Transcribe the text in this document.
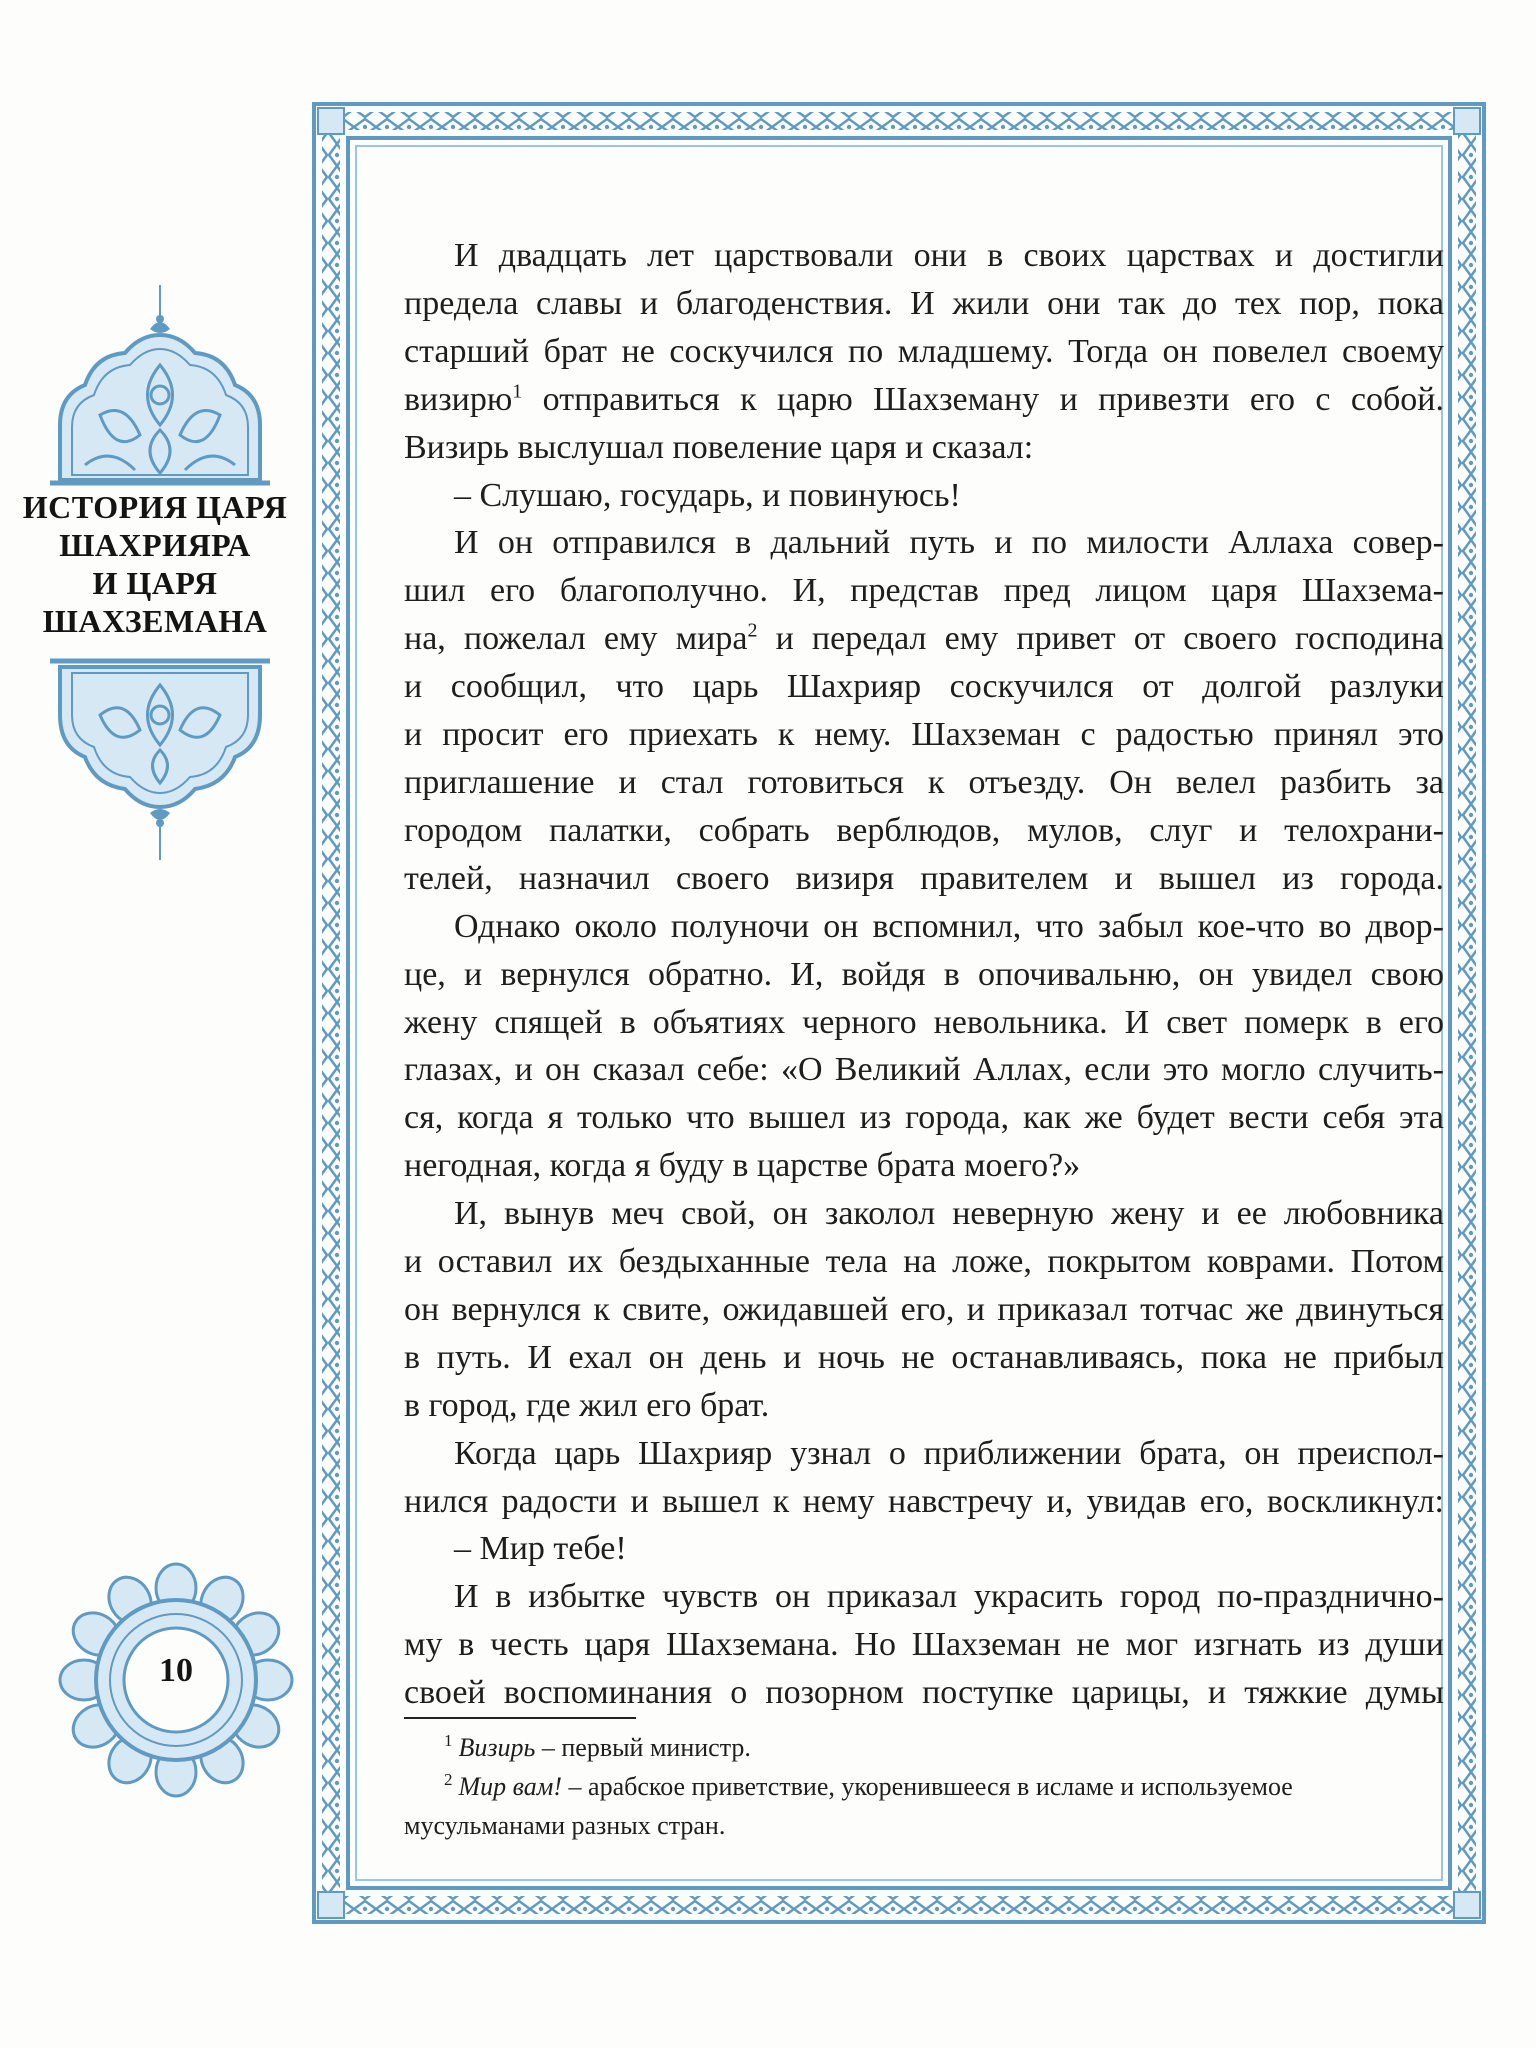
ИСТОРИЯ ЦАРЯ
ШАХРИЯРА
И ЦАРЯ
ШАХЗЕМАНА
10

И двадцать лет царствовали они в своих царствах и достигли
предела славы и благоденствия. И жили они так до тех пор, пока
старший брат не соскучился по младшему. Тогда он повелел своему
визирю$^1$ отправиться к царю Шахземану и привезти его с собой.
Визирь выслушал повеление царя и сказал:

– Слушаю, государь, и повинуюсь!

И он отправился в дальний путь и по милости Аллаха совер-
шил его благополучно. И, представ пред лицом царя Шахзема-
на, пожелал ему мира$^2$ и передал ему привет от своего господина
и сообщил, что царь Шахрияр соскучился от долгой разлуки
и просит его приехать к нему. Шахземан с радостью принял это
приглашение и стал готовиться к отъезду. Он велел разбить за
городом палатки, собрать верблюдов, мулов, слуг и телохрани-
телей, назначил своего визиря правителем и вышел из города.

Однако около полуночи он вспомнил, что забыл кое-что во двор-
це, и вернулся обратно. И, войдя в опочивальню, он увидел свою
жену спящей в объятиях черного невольника. И свет померк в его
глазах, и он сказал себе: «О Великий Аллах, если это могло случить-
ся, когда я только что вышел из города, как же будет вести себя эта
негодная, когда я буду в царстве брата моего?»

И, вынув меч свой, он заколол неверную жену и ее любовника
и оставил их бездыханные тела на ложе, покрытом коврами. Потом
он вернулся к свите, ожидавшей его, и приказал тотчас же двинуться
в путь. И ехал он день и ночь не останавливаясь, пока не прибыл
в город, где жил его брат.

Когда царь Шахрияр узнал о приближении брата, он преиспол-
нился радости и вышел к нему навстречу и, увидав его, воскликнул:

– Мир тебе!

И в избытке чувств он приказал украсить город по-празднично-
му в честь царя Шахземана. Но Шахземан не мог изгнать из души
своей воспоминания о позорном поступке царицы, и тяжкие думы

$^1$ Визирь – первый министр.

$^2$ Мир вам! – арабское приветствие, укоренившееся в исламе и используемое мусульманами разных стран.
